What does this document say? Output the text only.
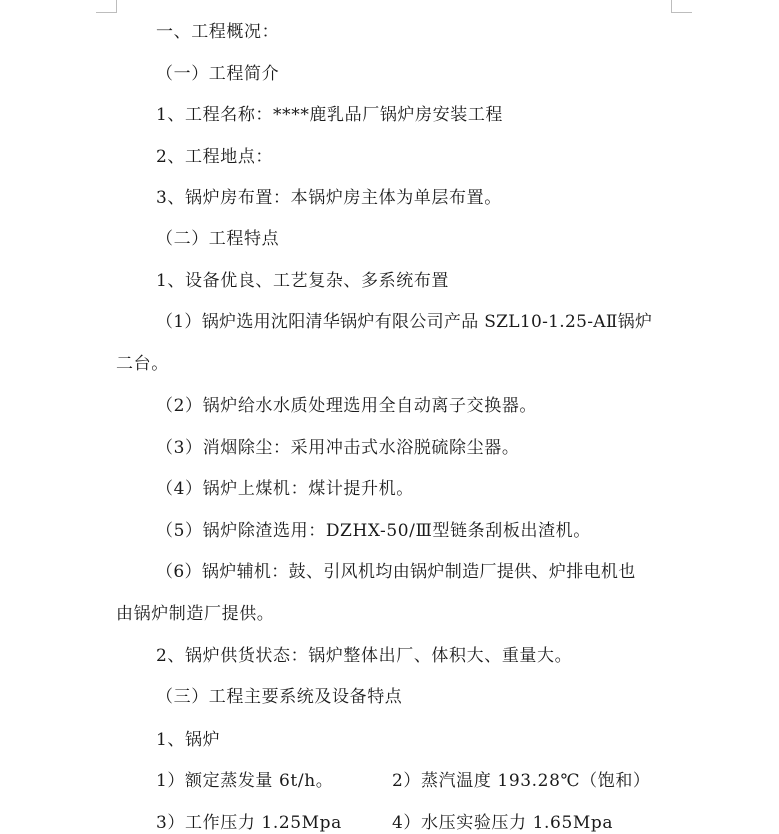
一、工程概况：
（一）工程简介
1、工程名称：****鹿乳品厂锅炉房安装工程
2、工程地点：
3、锅炉房布置：本锅炉房主体为单层布置。
（二）工程特点
1、设备优良、工艺复杂、多系统布置
（1）锅炉选用沈阳清华锅炉有限公司产品 SZL10-1.25-AⅡ锅炉
二台。
（2）锅炉给水水质处理选用全自动离子交换器。
（3）消烟除尘：采用冲击式水浴脱硫除尘器。
（4）锅炉上煤机：煤计提升机。
（5）锅炉除渣选用：DZHX-50/Ⅲ型链条刮板出渣机。
（6）锅炉辅机：鼓、引风机均由锅炉制造厂提供、炉排电机也
由锅炉制造厂提供。
2、锅炉供货状态：锅炉整体出厂、体积大、重量大。
（三）工程主要系统及设备特点
1、锅炉
1）额定蒸发量 6t/h。	2）蒸汽温度 193.28℃（饱和）
3）工作压力 1.25Mpa	4）水压实验压力 1.65Mpa
